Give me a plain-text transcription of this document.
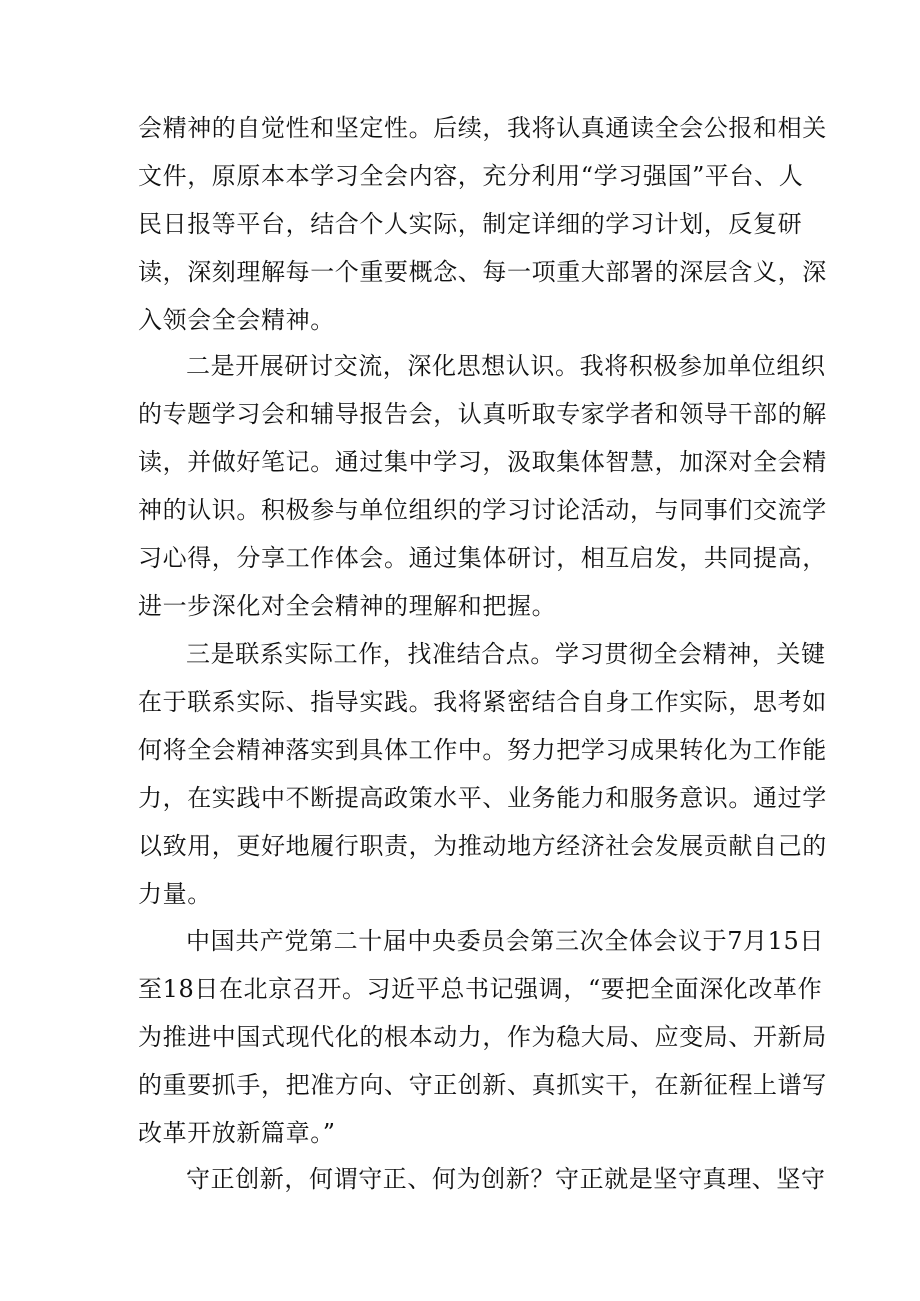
会精神的自觉性和坚定性。后续，我将认真通读全会公报和相关
文件，原原本本学习全会内容，充分利用“学习强国”平台、人
民日报等平台，结合个人实际，制定详细的学习计划，反复研
读，深刻理解每一个重要概念、每一项重大部署的深层含义，深
入领会全会精神。
二是开展研讨交流，深化思想认识。我将积极参加单位组织
的专题学习会和辅导报告会，认真听取专家学者和领导干部的解
读，并做好笔记。通过集中学习，汲取集体智慧，加深对全会精
神的认识。积极参与单位组织的学习讨论活动，与同事们交流学
习心得，分享工作体会。通过集体研讨，相互启发，共同提高，
进一步深化对全会精神的理解和把握。
三是联系实际工作，找准结合点。学习贯彻全会精神，关键
在于联系实际、指导实践。我将紧密结合自身工作实际，思考如
何将全会精神落实到具体工作中。努力把学习成果转化为工作能
力，在实践中不断提高政策水平、业务能力和服务意识。通过学
以致用，更好地履行职责，为推动地方经济社会发展贡献自己的
力量。
中国共产党第二十届中央委员会第三次全体会议于7月15日
至18日在北京召开。习近平总书记强调，“要把全面深化改革作
为推进中国式现代化的根本动力，作为稳大局、应变局、开新局
的重要抓手，把准方向、守正创新、真抓实干，在新征程上谱写
改革开放新篇章。”
守正创新，何谓守正、何为创新？守正就是坚守真理、坚守
